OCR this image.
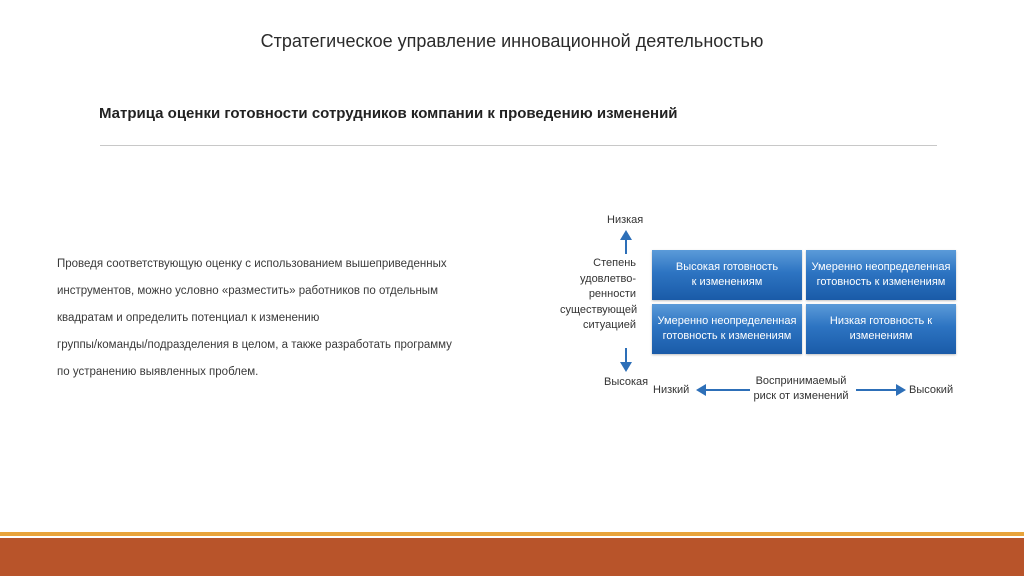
Стратегическое управление инновационной деятельностью
Матрица оценки готовности сотрудников компании к проведению изменений
Проведя соответствующую оценку с использованием вышеприведенных
инструментов, можно условно «разместить» работников по отдельным
квадратам и определить потенциал к изменению
группы/команды/подразделения в целом, а также разработать программу
по устранению выявленных проблем.
Низкая
Степень
удовлетво-
ренности
существующей
ситуацией
Высокая
Высокая готовность
к изменениям
Умеренно неопределенная
готовность к изменениям
Умеренно неопределенная
готовность к изменениям
Низкая готовность к
изменениям
Низкий
Воспринимаемый
риск от изменений	Высокий
